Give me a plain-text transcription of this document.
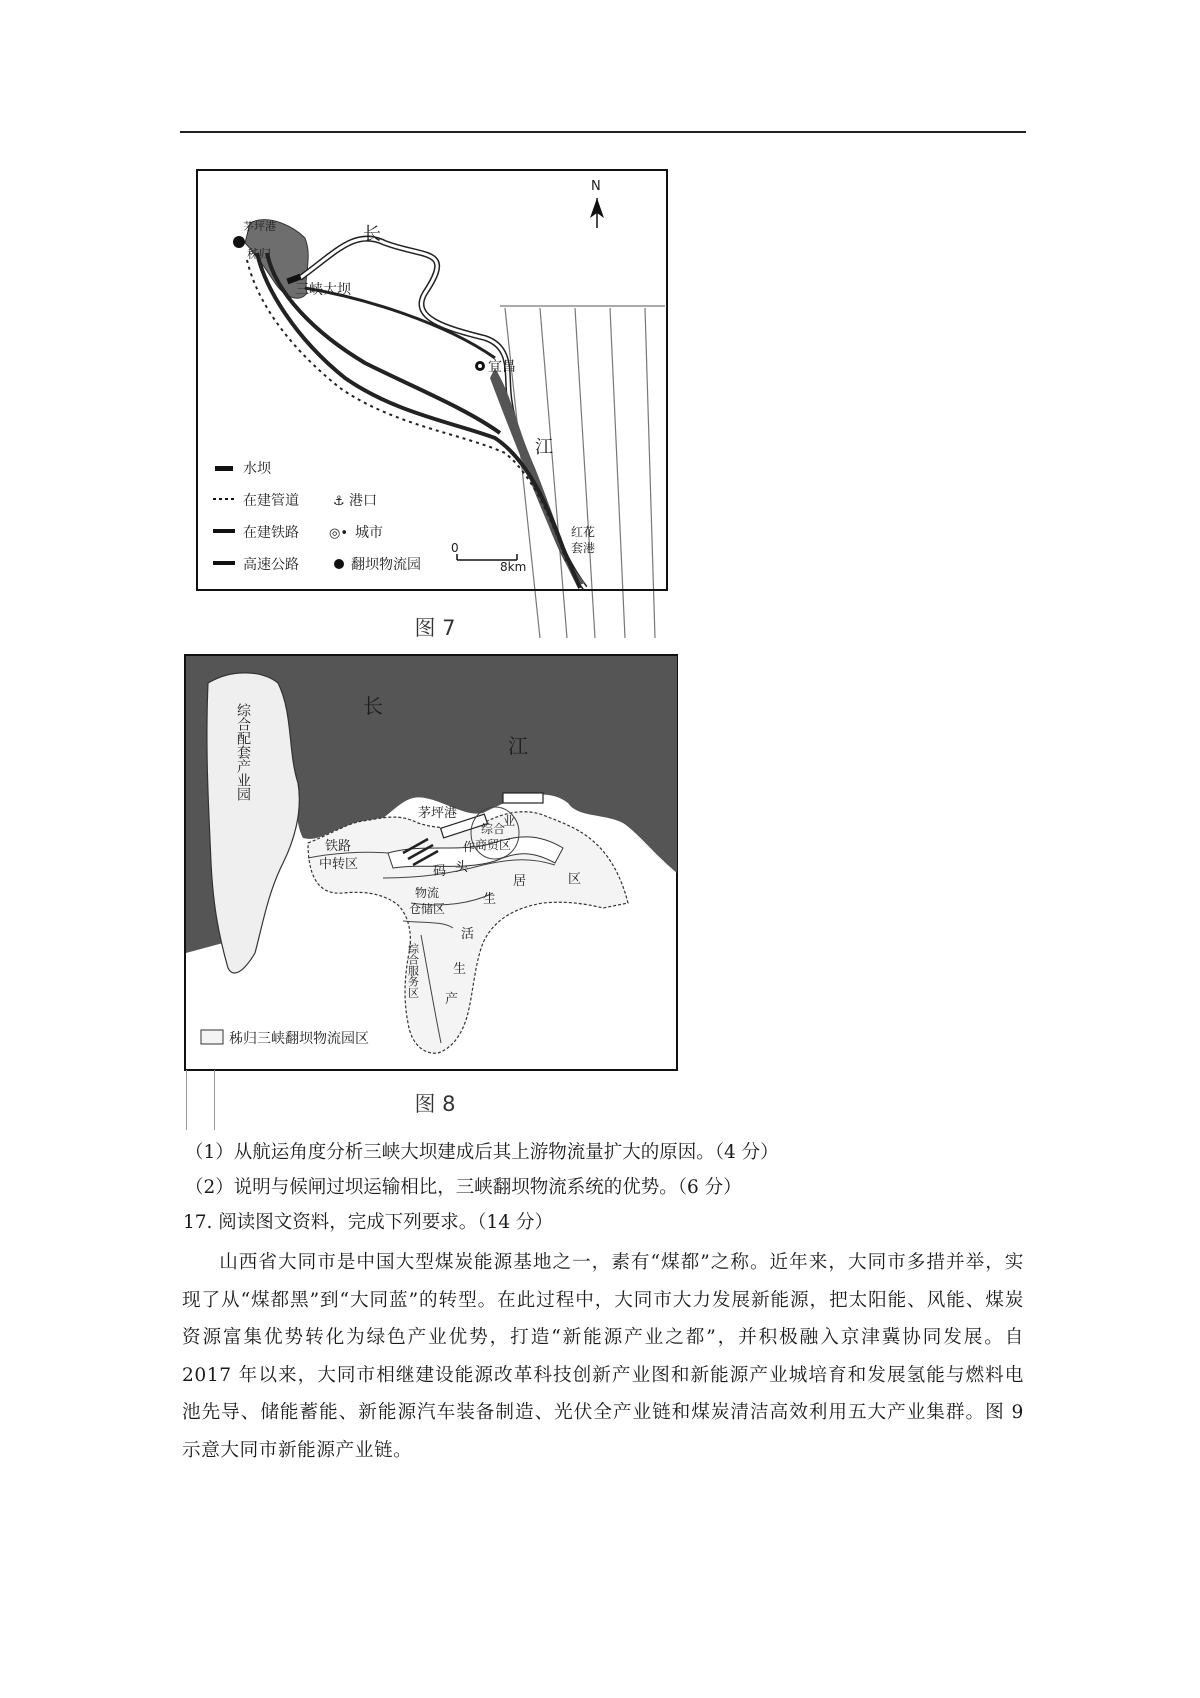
N
茅坪港
秭归
三峡大坝
宜昌
红花
套港
长
江
水坝
在建管道	⚓ 港口
在建铁路 ◎• 城市
高速公路	翻坝物流园
0
8km
图 7
长
江
综合配套产业园
铁路
中转区
茅坪港
综合
商贸区
码 头
作
业
物流
仓储区
综合服务区
居	区
生
活
生
产
秭归三峡翻坝物流园区
图 8
（1）从航运角度分析三峡大坝建成后其上游物流量扩大的原因。（4 分）
（2）说明与候闸过坝运输相比，三峡翻坝物流系统的优势。（6 分）
17. 阅读图文资料，完成下列要求。（14 分）
山西省大同市是中国大型煤炭能源基地之一，素有“煤都”之称。近年来，大同市多措并举，实现了从“煤都黑”到“大同蓝”的转型。在此过程中，大同市大力发展新能源，把太阳能、风能、煤炭资源富集优势转化为绿色产业优势，打造“新能源产业之都”，并积极融入京津冀协同发展。自 2017 年以来，大同市相继建设能源改革科技创新产业图和新能源产业城培育和发展氢能与燃料电池先导、储能蓄能、新能源汽车装备制造、光伏全产业链和煤炭清洁高效利用五大产业集群。图 9 示意大同市新能源产业链。
